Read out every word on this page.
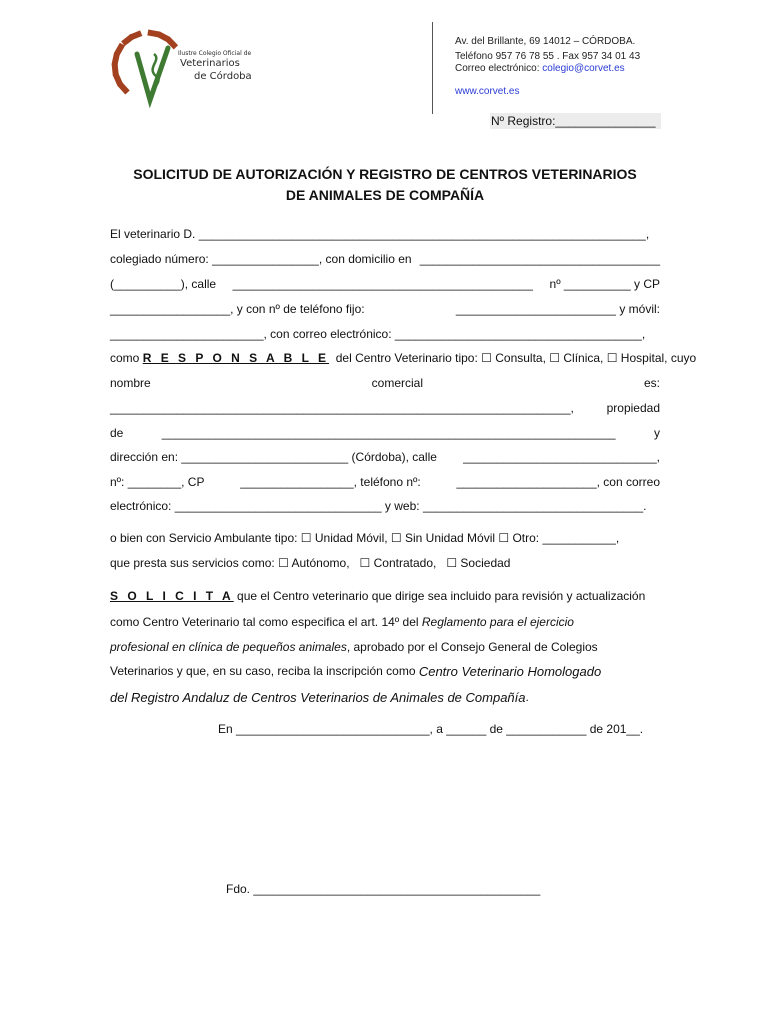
Ilustre Colegio Oficial de
Veterinarios
de Córdoba
Av. del Brillante, 69 14012 – CÓRDOBA.
Teléfono 957 76 78 55 . Fax 957 34 01 43
Correo electrónico: colegio@corvet.es
www.corvet.es
Nº Registro:_______________
SOLICITUD DE AUTORIZACIÓN Y REGISTRO DE CENTROS VETERINARIOS
DE ANIMALES DE COMPAÑÍA
El veterinario D. ___________________________________________________________________,
colegiado número: ________________, con domicilio en ____________________________________
(__________), calle _____________________________________________ nº __________ y CP
__________________, y con nº de teléfono fijo:	________________________ y móvil:
_______________________, con correo electrónico: _____________________________________,
como
R E S P O N S A B L E del Centro Veterinario tipo: ☐ Consulta, ☐ Clínica, ☐ Hospital, cuyo
nombre	comercial	es:
_____________________________________________________________________,	propiedad
de	____________________________________________________________________	y
dirección en: _________________________ (Córdoba), calle _____________________________,
nº: ________, CP	_________________, teléfono nº:	_____________________, con correo
electrónico: _______________________________ y web: _________________________________.
o bien con Servicio Ambulante tipo: ☐ Unidad Móvil, ☐ Sin Unidad Móvil ☐ Otro: ___________,
que presta sus servicios como: ☐ Autónomo,   ☐ Contratado,   ☐ Sociedad
S O L I C I T A que el Centro veterinario que dirige sea incluido para revisión y actualización
como Centro Veterinario tal como especifica el art. 14º del Reglamento para el ejercicio
profesional en clínica de pequeños animales , aprobado por el Consejo General de Colegios
Veterinarios y que, en su caso, reciba la inscripción como Centro Veterinario Homologado
del Registro Andaluz de Centros Veterinarios de Animales de Compañía .
En _____________________________, a ______ de ____________ de 201__.
Fdo. ___________________________________________
